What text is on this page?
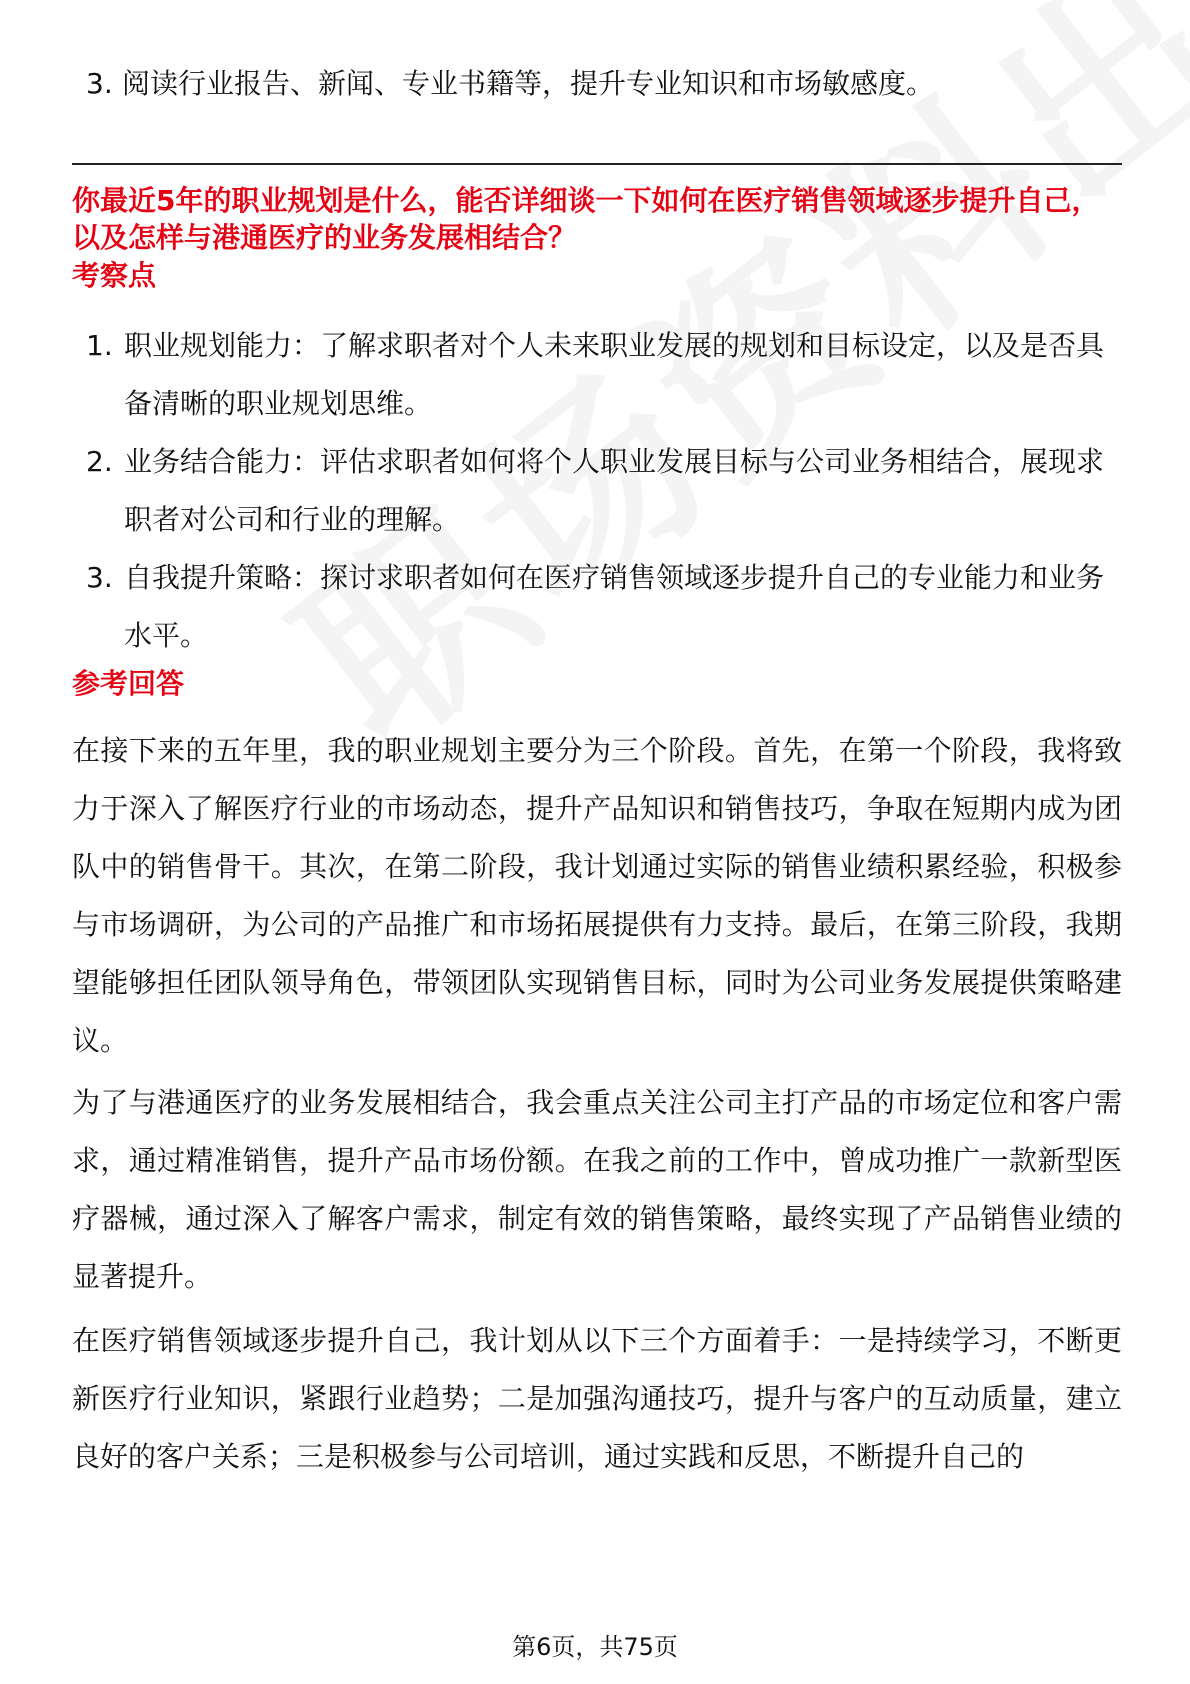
3. 阅读行业报告、新闻、专业书籍等，提升专业知识和市场敏感度。
你最近5年的职业规划是什么，能否详细谈一下如何在医疗销售领域逐步提升自己，以及怎样与港通医疗的业务发展相结合？
考察点
1. 职业规划能力：了解求职者对个人未来职业发展的规划和目标设定，以及是否具备清晰的职业规划思维。
2. 业务结合能力：评估求职者如何将个人职业发展目标与公司业务相结合，展现求职者对公司和行业的理解。
3. 自我提升策略：探讨求职者如何在医疗销售领域逐步提升自己的专业能力和业务水平。
参考回答

在接下来的五年里，我的职业规划主要分为三个阶段。首先，在第一个阶段，我将致力于深入了解医疗行业的市场动态，提升产品知识和销售技巧，争取在短期内成为团队中的销售骨干。其次，在第二阶段，我计划通过实际的销售业绩积累经验，积极参与市场调研，为公司的产品推广和市场拓展提供有力支持。最后，在第三阶段，我期望能够担任团队领导角色，带领团队实现销售目标，同时为公司业务发展提供策略建议。

为了与港通医疗的业务发展相结合，我会重点关注公司主打产品的市场定位和客户需求，通过精准销售，提升产品市场份额。在我之前的工作中，曾成功推广一款新型医疗器械，通过深入了解客户需求，制定有效的销售策略，最终实现了产品销售业绩的显著提升。

在医疗销售领域逐步提升自己，我计划从以下三个方面着手：一是持续学习，不断更新医疗行业知识，紧跟行业趋势；二是加强沟通技巧，提升与客户的互动质量，建立良好的客户关系；三是积极参与公司培训，通过实践和反思，不断提升自己的

第6页，共75页
